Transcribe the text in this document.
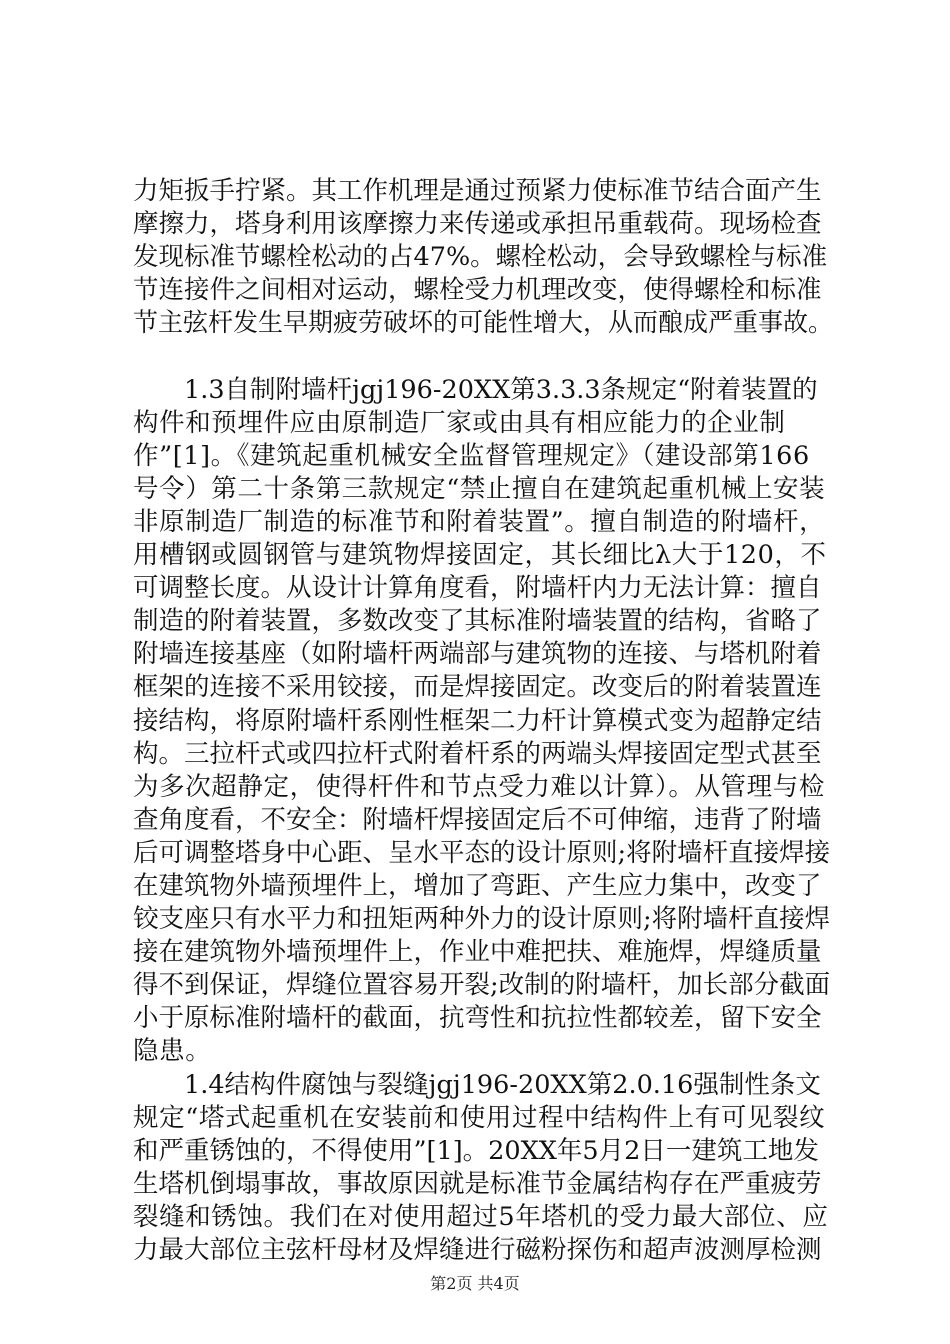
力矩扳手拧紧。其工作机理是通过预紧力使标准节结合面产生
摩擦力，塔身利用该摩擦力来传递或承担吊重载荷。现场检查
发现标准节螺栓松动的占47%。螺栓松动，会导致螺栓与标准
节连接件之间相对运动，螺栓受力机理改变，使得螺栓和标准
节主弦杆发生早期疲劳破坏的可能性增大，从而酿成严重事故。
　　1.3自制附墙杆jgj196-20XX第3.3.3条规定“附着装置的
构件和预埋件应由原制造厂家或由具有相应能力的企业制
作”[1]。《建筑起重机械安全监督管理规定》（建设部第166
号令）第二十条第三款规定“禁止擅自在建筑起重机械上安装
非原制造厂制造的标准节和附着装置”。擅自制造的附墙杆，
用槽钢或圆钢管与建筑物焊接固定，其长细比λ大于120，不
可调整长度。从设计计算角度看，附墙杆内力无法计算：擅自
制造的附着装置，多数改变了其标准附墙装置的结构，省略了
附墙连接基座（如附墙杆两端部与建筑物的连接、与塔机附着
框架的连接不采用铰接，而是焊接固定。改变后的附着装置连
接结构，将原附墙杆系刚性框架二力杆计算模式变为超静定结
构。三拉杆式或四拉杆式附着杆系的两端头焊接固定型式甚至
为多次超静定，使得杆件和节点受力难以计算）。从管理与检
查角度看，不安全：附墙杆焊接固定后不可伸缩，违背了附墙
后可调整塔身中心距、呈水平态的设计原则;将附墙杆直接焊接
在建筑物外墙预埋件上，增加了弯距、产生应力集中，改变了
铰支座只有水平力和扭矩两种外力的设计原则;将附墙杆直接焊
接在建筑物外墙预埋件上，作业中难把扶、难施焊，焊缝质量
得不到保证，焊缝位置容易开裂;改制的附墙杆，加长部分截面
小于原标准附墙杆的截面，抗弯性和抗拉性都较差，留下安全
隐患。
　　1.4结构件腐蚀与裂缝jgj196-20XX第2.0.16强制性条文
规定“塔式起重机在安装前和使用过程中结构件上有可见裂纹
和严重锈蚀的，不得使用”[1]。20XX年5月2日一建筑工地发
生塔机倒塌事故，事故原因就是标准节金属结构存在严重疲劳
裂缝和锈蚀。我们在对使用超过5年塔机的受力最大部位、应
力最大部位主弦杆母材及焊缝进行磁粉探伤和超声波测厚检测
第2页 共4页
